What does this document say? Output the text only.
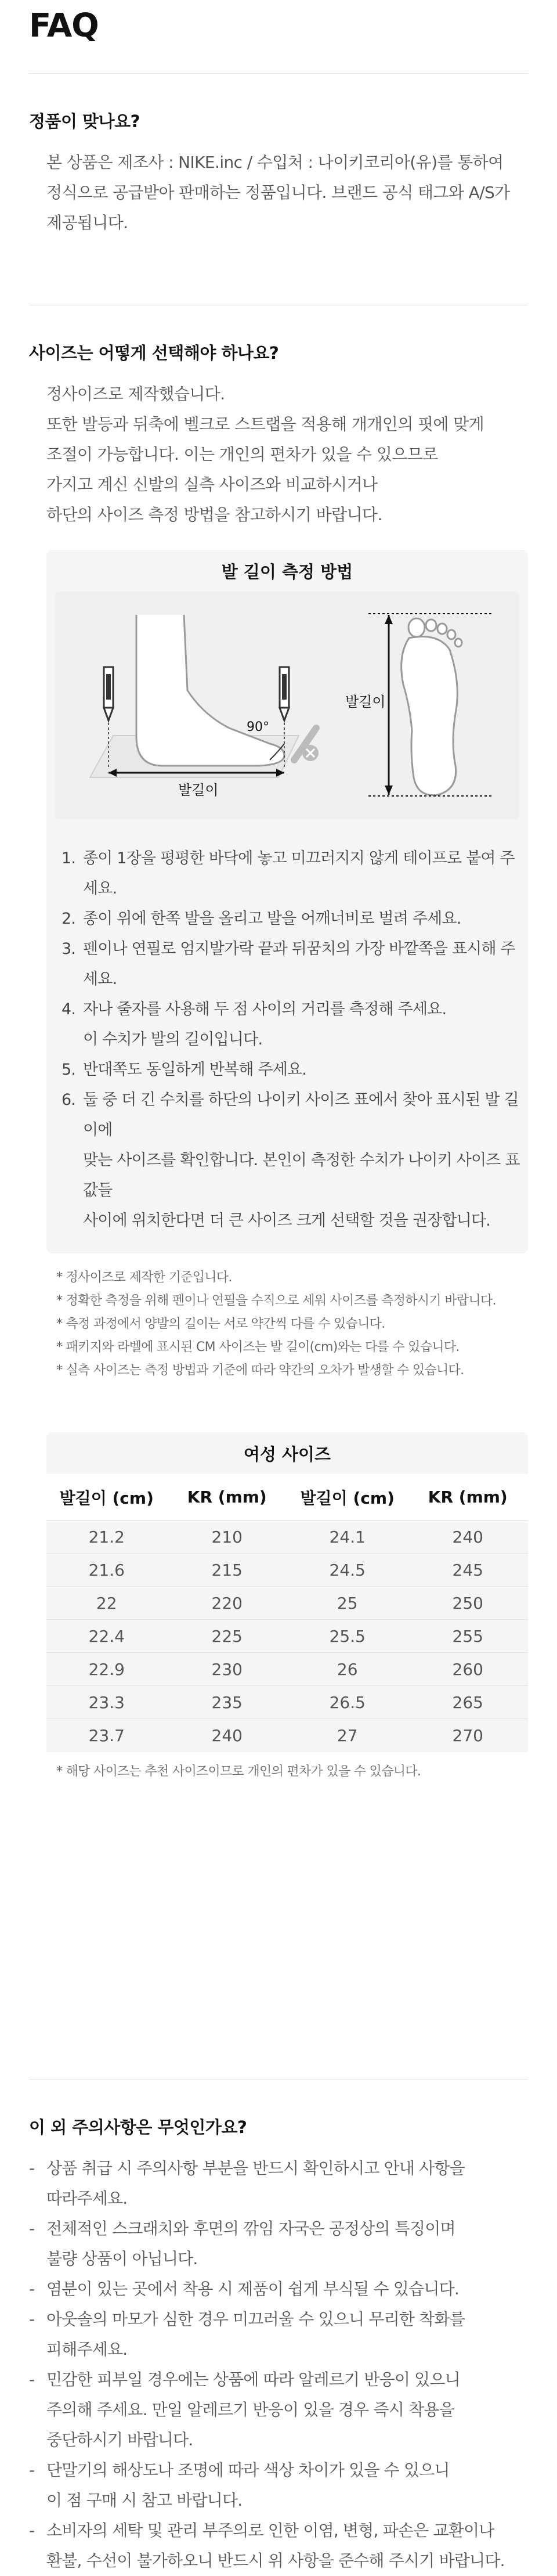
FAQ
정품이 맞나요?

본 상품은 제조사 : NIKE.inc / 수입처 : 나이키코리아(유)를 통하여

정식으로 공급받아 판매하는 정품입니다. 브랜드 공식 태그와 A/S가

제공됩니다.

사이즈는 어떻게 선택해야 하나요?

정사이즈로 제작했습니다.

또한 발등과 뒤축에 벨크로 스트랩을 적용해 개개인의 핏에 맞게

조절이 가능합니다. 이는 개인의 편차가 있을 수 있으므로

가지고 계신 신발의 실측 사이즈와 비교하시거나

하단의 사이즈 측정 방법을 참고하시기 바랍니다.

발 길이 측정 방법
90°
발길이
발길이
1. 종이 1장을 평평한 바닥에 놓고 미끄러지지 않게 테이프로 붙여 주세요.
2. 종이 위에 한쪽 발을 올리고 발을 어깨너비로 벌려 주세요.
3. 펜이나 연필로 엄지발가락 끝과 뒤꿈치의 가장 바깥쪽을 표시해 주세요.
4. 자나 줄자를 사용해 두 점 사이의 거리를 측정해 주세요.
이 수치가 발의 길이입니다.
5. 반대쪽도 동일하게 반복해 주세요.
6. 둘 중 더 긴 수치를 하단의 나이키 사이즈 표에서 찾아 표시된 발 길이에
맞는 사이즈를 확인합니다. 본인이 측정한 수치가 나이키 사이즈 표 값들
사이에 위치한다면 더 큰 사이즈 크게 선택할 것을 권장합니다.

* 정사이즈로 제작한 기준입니다.

* 정확한 측정을 위해 펜이나 연필을 수직으로 세워 사이즈를 측정하시기 바랍니다.

* 측정 과정에서 양발의 길이는 서로 약간씩 다를 수 있습니다.

* 패키지와 라벨에 표시된 CM 사이즈는 발 길이(cm)와는 다를 수 있습니다.

* 실측 사이즈는 측정 방법과 기준에 따라 약간의 오차가 발생할 수 있습니다.

여성 사이즈
발길이 (cm)	KR (mm)	발길이 (cm)	KR (mm)
21.2	210	24.1	240
21.6	215	24.5	245
22	220	25	250
22.4	225	25.5	255
22.9	230	26	260
23.3	235	26.5	265
23.7	240	27	270

* 해당 사이즈는 추천 사이즈이므로 개인의 편차가 있을 수 있습니다.

이 외 주의사항은 무엇인가요?
- 상품 취급 시 주의사항 부분을 반드시 확인하시고 안내 사항을
따라주세요.
- 전체적인 스크래치와 후면의 깎임 자국은 공정상의 특징이며
불량 상품이 아닙니다.
- 염분이 있는 곳에서 착용 시 제품이 쉽게 부식될 수 있습니다.
- 아웃솔의 마모가 심한 경우 미끄러울 수 있으니 무리한 착화를
피해주세요.
- 민감한 피부일 경우에는 상품에 따라 알레르기 반응이 있으니
주의해 주세요. 만일 알레르기 반응이 있을 경우 즉시 착용을
중단하시기 바랍니다.
- 단말기의 해상도나 조명에 따라 색상 차이가 있을 수 있으니
이 점 구매 시 참고 바랍니다.
- 소비자의 세탁 및 관리 부주의로 인한 이염, 변형, 파손은 교환이나
환불, 수선이 불가하오니 반드시 위 사항을 준수해 주시기 바랍니다.
